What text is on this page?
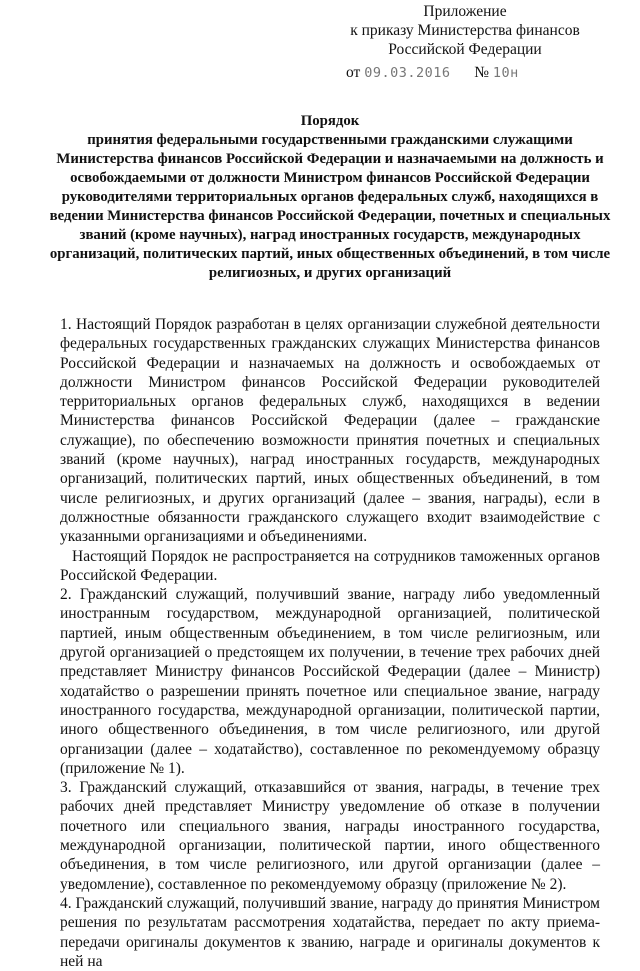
Приложение
к приказу Министерства финансов
Российской Федерации
от 09.03.2016 № 10н
Порядок
принятия федеральными государственными гражданскими служащими Министерства финансов Российской Федерации и назначаемыми на должность и освобождаемыми от должности Министром финансов Российской Федерации руководителями территориальных органов федеральных служб, находящихся в ведении Министерства финансов Российской Федерации, почетных и специальных званий (кроме научных), наград иностранных государств, международных организаций, политических партий, иных общественных объединений, в том числе религиозных, и других организаций

1. Настоящий Порядок разработан в целях организации служебной деятельности федеральных государственных гражданских служащих Министерства финансов Российской Федерации и назначаемых на должность и освобождаемых от должности Министром финансов Российской Федерации руководителей территориальных органов федеральных служб, находящихся в ведении Министерства финансов Российской Федерации (далее – гражданские служащие), по обеспечению возможности принятия почетных и специальных званий (кроме научных), наград иностранных государств, международных организаций, политических партий, иных общественных объединений, в том числе религиозных, и других организаций (далее – звания, награды), если в должностные обязанности гражданского служащего входит взаимодействие с указанными организациями и объединениями.

Настоящий Порядок не распространяется на сотрудников таможенных органов Российской Федерации.

2. Гражданский служащий, получивший звание, награду либо уведомленный иностранным государством, международной организацией, политической партией, иным общественным объединением, в том числе религиозным, или другой организацией о предстоящем их получении, в течение трех рабочих дней представляет Министру финансов Российской Федерации (далее – Министр) ходатайство о разрешении принять почетное или специальное звание, награду иностранного государства, международной организации, политической партии, иного общественного объединения, в том числе религиозного, или другой организации (далее – ходатайство), составленное по рекомендуемому образцу (приложение № 1).

3. Гражданский служащий, отказавшийся от звания, награды, в течение трех рабочих дней представляет Министру уведомление об отказе в получении почетного или специального звания, награды иностранного государства, международной организации, политической партии, иного общественного объединения, в том числе религиозного, или другой организации (далее – уведомление), составленное по рекомендуемому образцу (приложение № 2).

4. Гражданский служащий, получивший звание, награду до принятия Министром решения по результатам рассмотрения ходатайства, передает по акту приема-передачи оригиналы документов к званию, награде и оригиналы документов к ней на
